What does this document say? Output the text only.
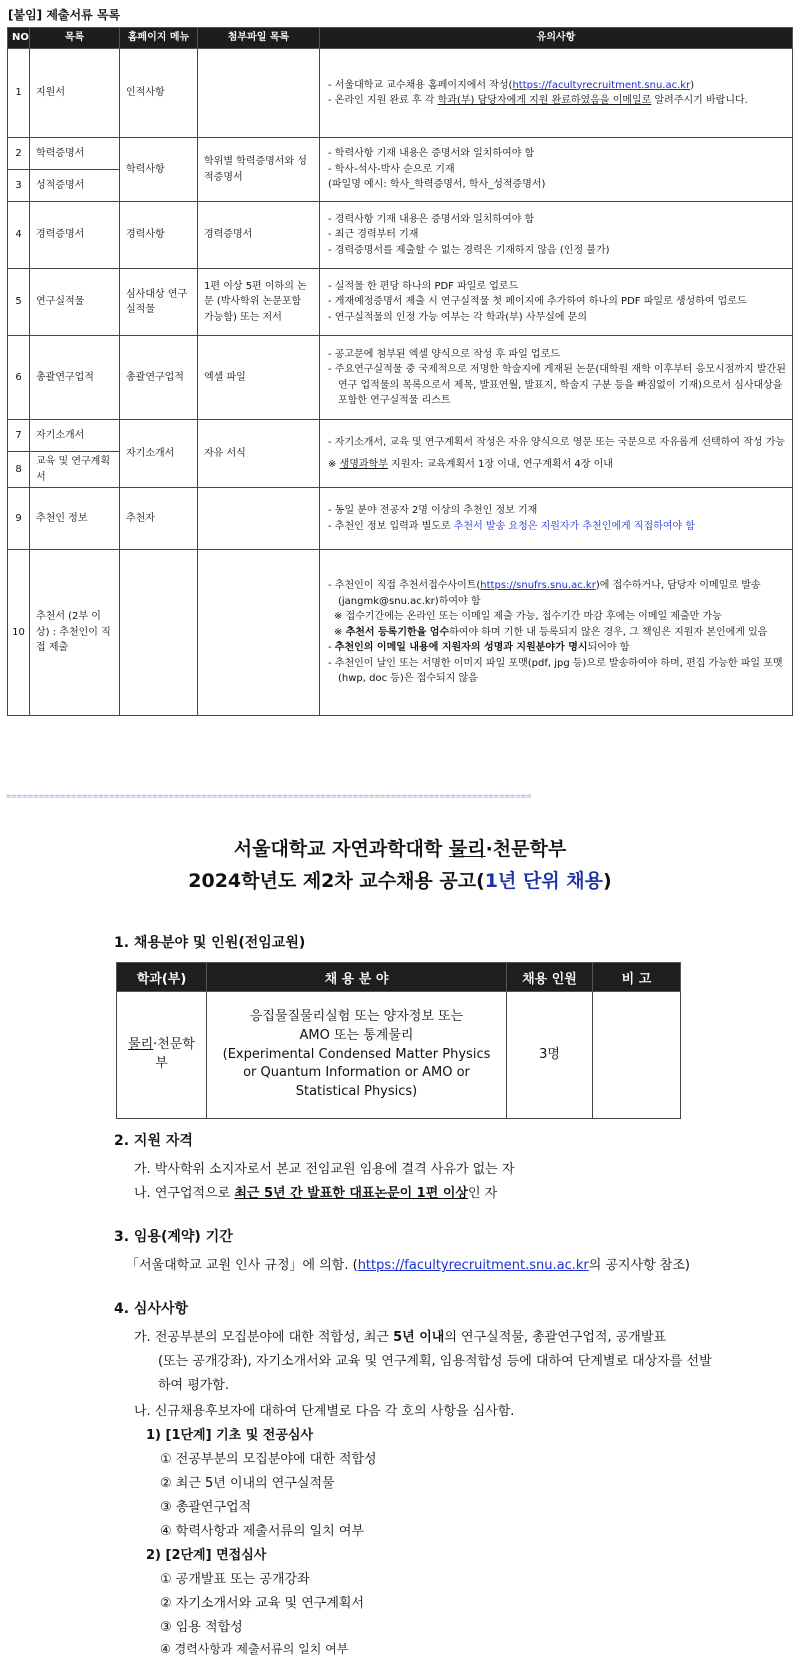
[붙임] 제출서류 목록
NO	목록	홈페이지 메뉴	첨부파일 목록	유의사항
1	지원서	인적사항		- 서울대학교 교수채용 홈페이지에서 작성(https://facultyrecruitment.snu.ac.kr)
- 온라인 지원 완료 후 각 학과(부) 담당자에게 지원 완료하였음을 이메일로 알려주시기 바랍니다.

2	학력증명서	학력사항	학위별 학력증명서와 성적증명서	- 학력사항 기재 내용은 증명서와 일치하여야 함
- 학사-석사-박사 순으로 기재
(파일명 예시: 학사_학력증명서, 학사_성적증명서)

3	성적증명서			
4	경력증명서	경력사항	경력증명서	- 경력사항 기재 내용은 증명서와 일치하여야 함
- 최근 경력부터 기재
- 경력증명서를 제출할 수 없는 경력은 기재하지 않음 (인정 불가)

5	연구실적물	심사대상 연구실적물	1편 이상 5편 이하의 논문 (박사학위 논문포함 가능함) 또는 저서	- 실적물 한 편당 하나의 PDF 파일로 업로드
- 게재예정증명서 제출 시 연구실적물 첫 페이지에 추가하여 하나의 PDF 파일로 생성하여 업로드
- 연구실적물의 인정 가능 여부는 각 학과(부) 사무실에 문의

6	총괄연구업적	총괄연구업적	엑셀 파일	- 공고문에 첨부된 엑셀 양식으로 작성 후 파일 업로드
- 주요연구실적물 중 국제적으로 저명한 학술지에 게재된 논문(대학원 재학 이후부터 응모시점까지 발간된 연구 업적물의 목록으로서 제목, 발표연월, 발표지, 학술지 구분 등을 빠짐없이 기재)으로서 심사대상을 포함한 연구실적물 리스트

7	자기소개서	자기소개서	자유 서식	- 자기소개서, 교육 및 연구계획서 작성은 자유 양식으로 영문 또는 국문으로 자유롭게 선택하여 작성 가능
※ 생명과학부 지원자: 교육계획서 1장 이내, 연구계획서 4장 이내

8	교육 및 연구계획서			
9	추천인 정보	추천자		- 동일 분야 전공자 2명 이상의 추천인 정보 기재
- 추천인 정보 입력과 별도로 추천서 발송 요청은 지원자가 추천인에게 직접하여야 함

10	추천서 (2부 이상) : 추천인이 직접 제출			- 추천인이 직접 추천서접수사이트(https://snufrs.snu.ac.kr)에 접수하거나, 담당자 이메일로 발송(jangmk@snu.ac.kr)하여야 함
※ 접수기간에는 온라인 또는 이메일 제출 가능, 접수기간 마감 후에는 이메일 제출만 가능
※ 추천서 등록기한을 엄수하여야 하며 기한 내 등록되지 않은 경우, 그 책임은 지원자 본인에게 있음
- 추천인의 이메일 내용에 지원자의 성명과 지원분야가 명시되어야 함
- 추천인이 날인 또는 서명한 이미지 파일 포맷(pdf, jpg 등)으로 발송하여야 하며, 편집 가능한 파일 포맷(hwp, doc 등)은 접수되지 않음
=================================================================================================
서울대학교 자연과학대학 물리·천문학부
2024학년도 제2차 교수채용 공고(1년 단위 채용)
1. 채용분야 및 인원(전임교원)
학과(부)	채 용 분 야	채용 인원	비 고
물리·천문학부	응집물질물리실험 또는 양자정보 또는 AMO 또는 통계물리
(Experimental Condensed Matter Physics or Quantum Information or AMO or Statistical Physics)	3명	
2. 지원 자격
가. 박사학위 소지자로서 본교 전임교원 임용에 결격 사유가 없는 자
나. 연구업적으로 최근 5년 간 발표한 대표논문이 1편 이상인 자
3. 임용(계약) 기간
「서울대학교 교원 인사 규정」에 의함. (https://facultyrecruitment.snu.ac.kr의 공지사항 참조)
4. 심사사항
가. 전공부분의 모집분야에 대한 적합성, 최근 5년 이내의 연구실적물, 총괄연구업적, 공개발표
(또는 공개강좌), 자기소개서와 교육 및 연구계획, 임용적합성 등에 대하여 단계별로 대상자를 선발
하여 평가함.
나. 신규채용후보자에 대하여 단계별로 다음 각 호의 사항을 심사함.
1) [1단계] 기초 및 전공심사
① 전공부분의 모집분야에 대한 적합성
② 최근 5년 이내의 연구실적물
③ 총괄연구업적
④ 학력사항과 제출서류의 일치 여부
2) [2단계] 면접심사
① 공개발표 또는 공개강좌
② 자기소개서와 교육 및 연구계획서
③ 임용 적합성
④ 경력사항과 제출서류의 일치 여부
